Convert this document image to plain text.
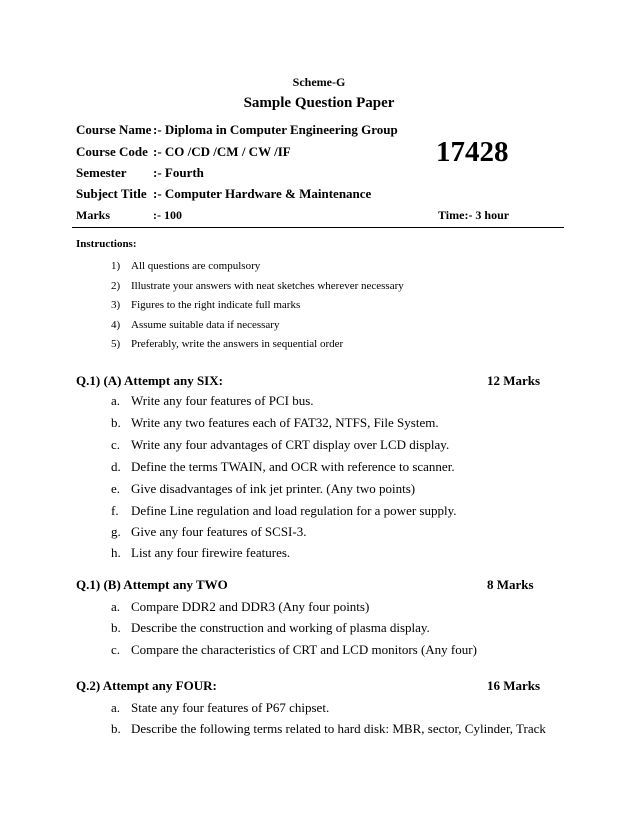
Scheme-G
Sample Question Paper
Course Name :- Diploma in Computer Engineering Group
Course Code :- CO /CD /CM / CW /IF
Semester :- Fourth
Subject Title :- Computer Hardware & Maintenance
Marks	:- 100	Time:- 3 hour
17428
Instructions:
1) All questions are compulsory
2) Illustrate your answers with neat sketches wherever necessary
3) Figures to the right indicate full marks
4) Assume suitable data if necessary
5) Preferably, write the answers in sequential order
Q.1) (A) Attempt any SIX:	12 Marks
a. Write any four features of PCI bus.
b. Write any two features each of FAT32, NTFS, File System.
c. Write any four advantages of CRT display over LCD display.
d. Define the terms TWAIN, and OCR with reference to scanner.
e. Give disadvantages of ink jet printer. (Any two points)
f. Define Line regulation and load regulation for a power supply.
g. Give any four features of SCSI-3.
h. List any four firewire features.
Q.1) (B) Attempt any TWO	8 Marks
a. Compare DDR2 and DDR3 (Any four points)
b. Describe the construction and working of plasma display.
c. Compare the characteristics of CRT and LCD monitors (Any four)
Q.2) Attempt any FOUR:	16 Marks
a. State any four features of P67 chipset.
b. Describe the following terms related to hard disk: MBR, sector, Cylinder, Track
